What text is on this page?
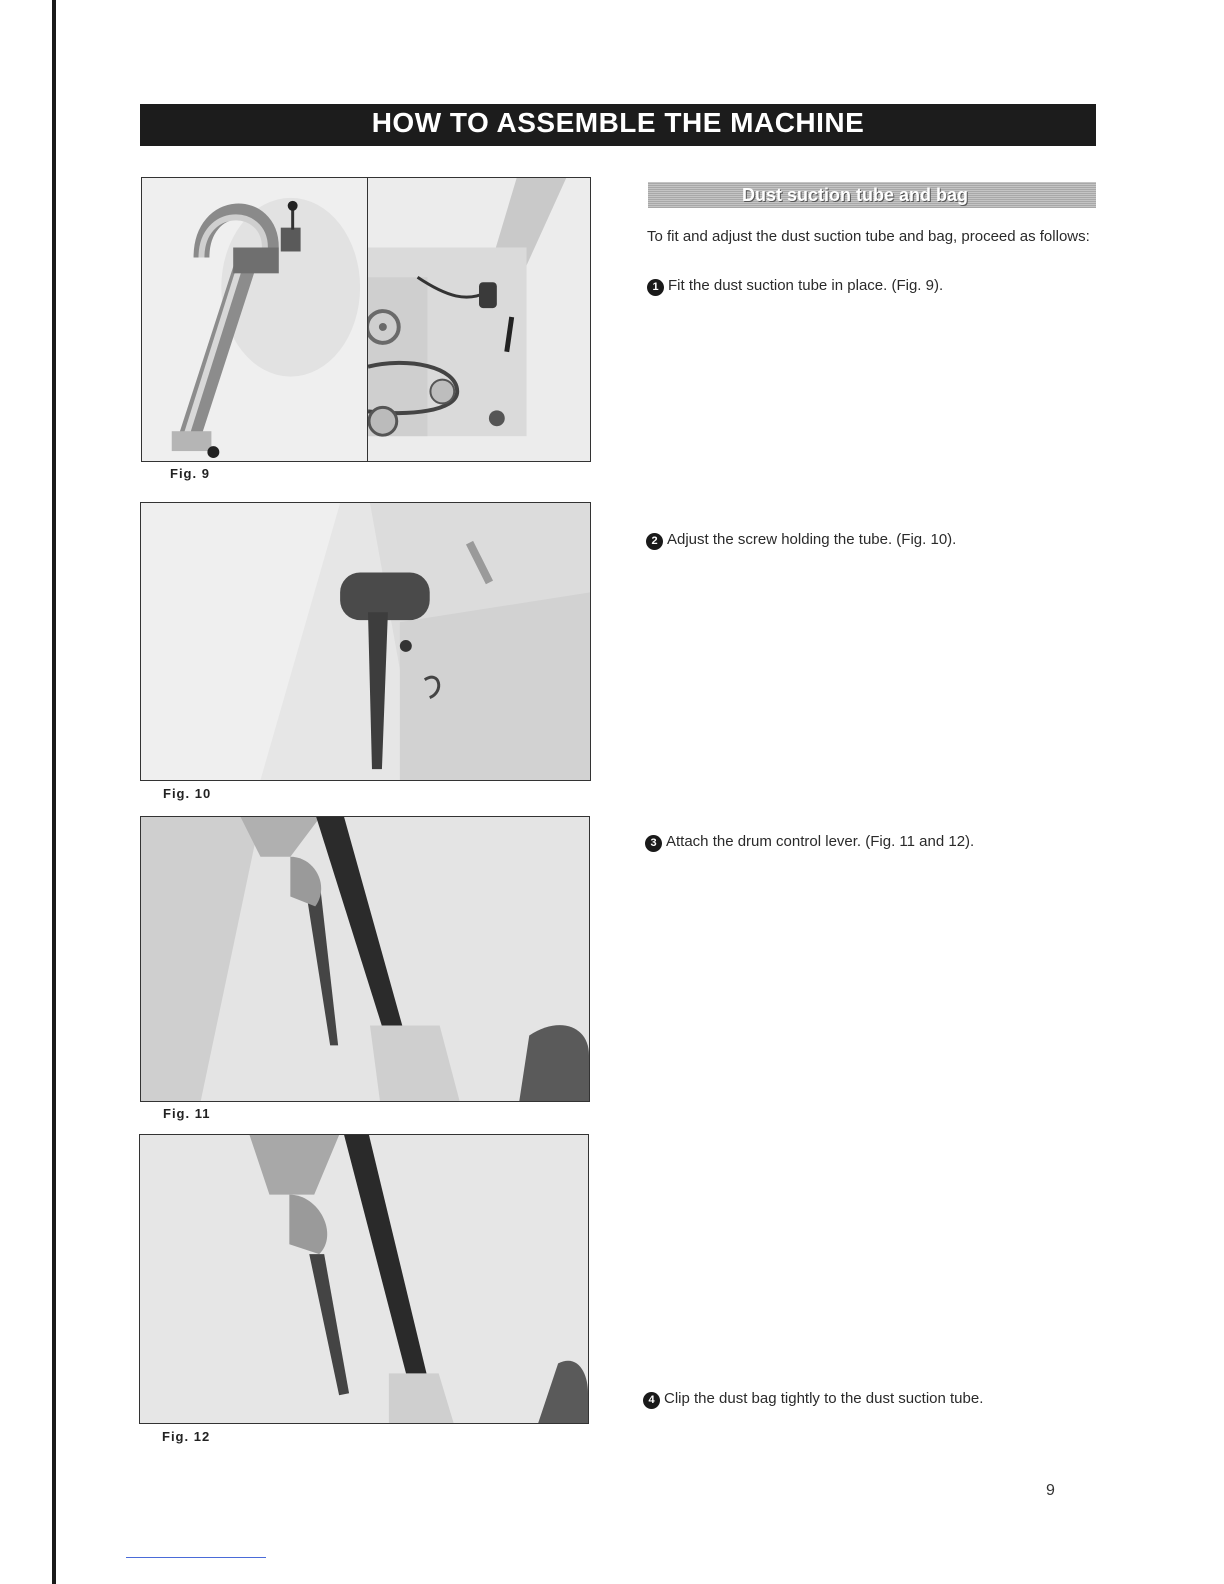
HOW TO ASSEMBLE THE MACHINE
Fig. 9
Fig. 10
Fig. 11
Fig. 12
Dust suction tube and bag
To fit and adjust the dust suction tube and bag, proceed as follows:
1 Fit the dust suction tube in place. (Fig. 9).
2 Adjust the screw holding the tube. (Fig. 10).
3 Attach the drum control lever. (Fig. 11 and 12).
4 Clip the dust bag tightly to the dust suction tube.
9
